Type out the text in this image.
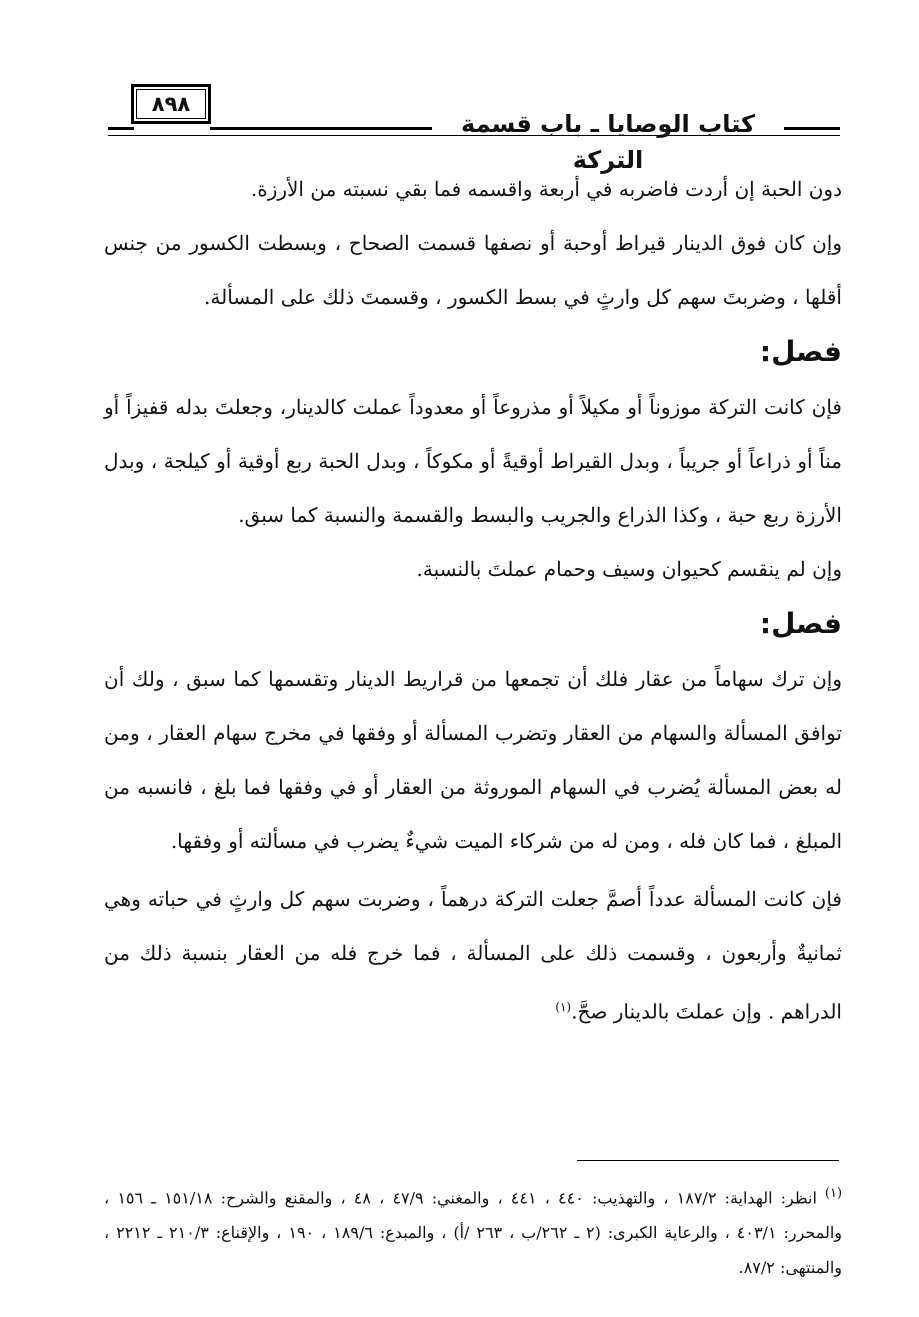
٨٩٨
كتاب الوصايا ـ باب قسمة التركة

دون الحبة إن أردت فاضربه في أربعة واقسمه فما بقي نسبته من الأرزة.

وإن كان فوق الدينار قيراط أوحبة أو نصفها قسمت الصحاح ، وبسطت الكسور من جنس أقلها ، وضربتَ سهم كل وارثٍ في بسط الكسور ، وقسمتَ ذلك على المسألة.

فصل:

فإن كانت التركة موزوناً أو مكيلاً أو مذروعاً أو معدوداً عملت كالدينار، وجعلتَ بدله قفيزاً أو مناً أو ذراعاً أو جريباً ، وبدل القيراط أوقيةً أو مكوكاً ، وبدل الحبة ربع أوقية أو كيلجة ، وبدل الأرزة ربع حبة ، وكذا الذراع والجريب والبسط والقسمة والنسبة كما سبق.

وإن لم ينقسم كحيوان وسيف وحمام عملتَ بالنسبة.

فصل:

وإن ترك سهاماً من عقار فلك أن تجمعها من قراريط الدينار وتقسمها كما سبق ، ولك أن توافق المسألة والسهام من العقار وتضرب المسألة أو وفقها في مخرج سهام العقار ، ومن له بعض المسألة يُضرب في السهام الموروثة من العقار أو في وفقها فما بلغ ، فانسبه من المبلغ ، فما كان فله ، ومن له من شركاء الميت شيءٌ يضرب في مسألته أو وفقها.

فإن كانت المسألة عدداً أصمَّ جعلت التركة درهماً ، وضربت سهم كل وارثٍ في حباته وهي ثمانيةٌ وأربعون ، وقسمت ذلك على المسألة ، فما خرج فله من العقار بنسبة ذلك من الدراهم . وإن عملتَ بالدينار صحَّ.$^{(١)}$

$^{(١)}$انظر: الهداية: ١٨٧/٢ ، والتهذيب: ٤٤٠ ، ٤٤١ ، والمغني: ٤٧/٩ ، ٤٨ ، والمقنع والشرح: ١٥١/١٨ ـ ١٥٦ ، والمحرر: ٤٠٣/١ ، والرعاية الكبرى: (٢ ـ ٢٦٢/ب ، ٢٦٣ /أ) ، والمبدع: ١٨٩/٦ ، ١٩٠ ، والإقناع: ٢١٠/٣ ـ ٢٢١٢ ، والمنتهى: ٨٧/٢.
